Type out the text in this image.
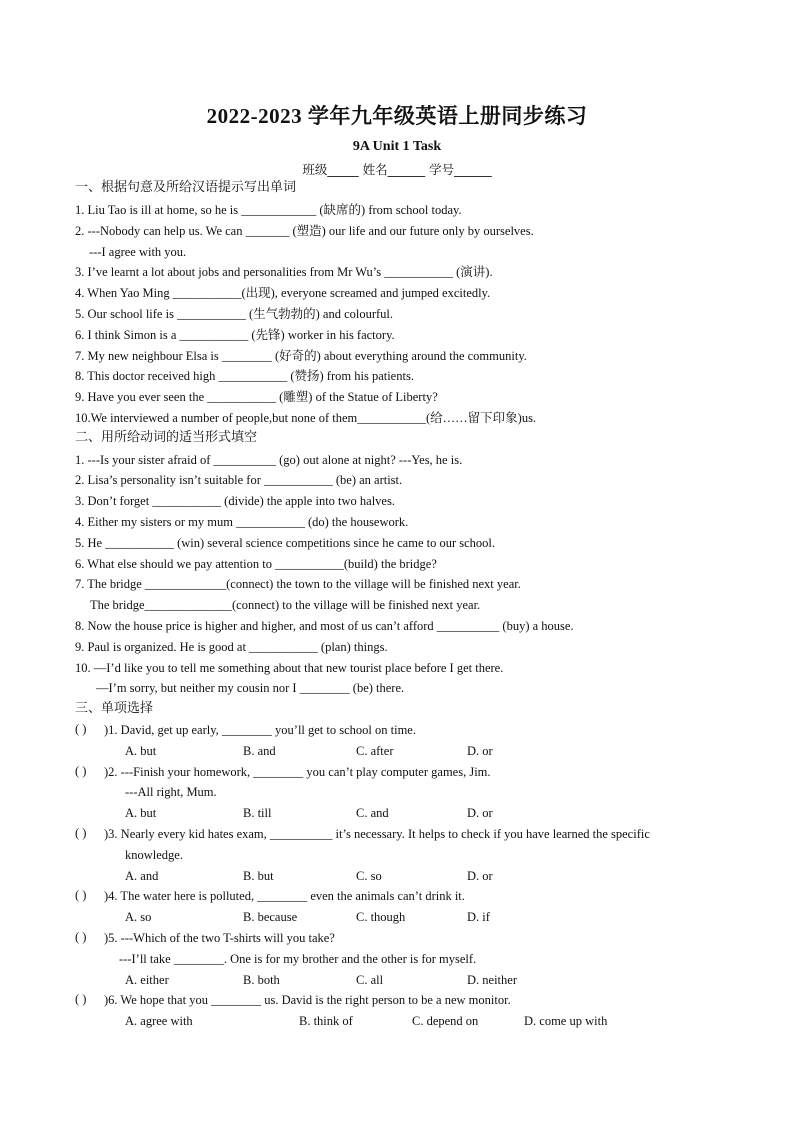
2022-2023 学年九年级英语上册同步练习
9A Unit 1 Task
班级_____ 姓名______ 学号______
一、根据句意及所给汉语提示写出单词
1. Liu Tao is ill at home, so he is ____________ (缺席的) from school today.
2. ---Nobody can help us. We can _______ (塑造) our life and our future only by ourselves.
---I agree with you.
3. I’ve learnt a lot about jobs and personalities from Mr Wu’s ___________ (演讲).
4. When Yao Ming ___________(出现), everyone screamed and jumped excitedly.
5. Our school life is ___________ (生气勃勃的) and colourful.
6. I think Simon is a ___________ (先锋) worker in his factory.
7. My new neighbour Elsa is ________ (好奇的) about everything around the community.
8. This doctor received high ___________ (赞扬) from his patients.
9. Have you ever seen the ___________ (雕塑) of the Statue of Liberty?
10.We interviewed a number of people,but none of them___________(给……留下印象)us.
二、用所给动词的适当形式填空
1. ---Is your sister afraid of __________ (go) out alone at night? ---Yes, he is.
2. Lisa’s personality isn’t suitable for ___________ (be) an artist.
3. Don’t forget ___________ (divide) the apple into two halves.
4. Either my sisters or my mum ___________ (do) the housework.
5. He ___________ (win) several science competitions since he came to our school.
6. What else should we pay attention to ___________(build) the bridge?
7. The bridge _____________(connect) the town to the village will be finished next year.
The bridge______________(connect) to the village will be finished next year.
8. Now the house price is higher and higher, and most of us can’t afford __________ (buy) a house.
9. Paul is organized. He is good at ___________ (plan) things.
10. —I’d like you to tell me something about that new tourist place before I get there.
—I’m sorry, but neither my cousin nor I ________ (be) there.
三、单项选择
( ) )1. David, get up early, ________ you’ll get to school on time.
A. but	B. and	C. after	D. or
( ) )2. ---Finish your homework, ________ you can’t play computer games, Jim.
---All right, Mum.
A. but	B. till	C. and	D. or
( ) )3. Nearly every kid hates exam, __________ it’s necessary. It helps to check if you have learned the specific
knowledge.
A. and	B. but	C. so	D. or
( ) )4. The water here is polluted, ________ even the animals can’t drink it.
A. so	B. because	C. though	D. if
( ) )5. ---Which of the two T-shirts will you take?
---I’ll take ________. One is for my brother and the other is for myself.
A. either	B. both	C. all	D. neither
( ) )6. We hope that you ________ us. David is the right person to be a new monitor.
A. agree with	B. think of	C. depend on	D. come up with
